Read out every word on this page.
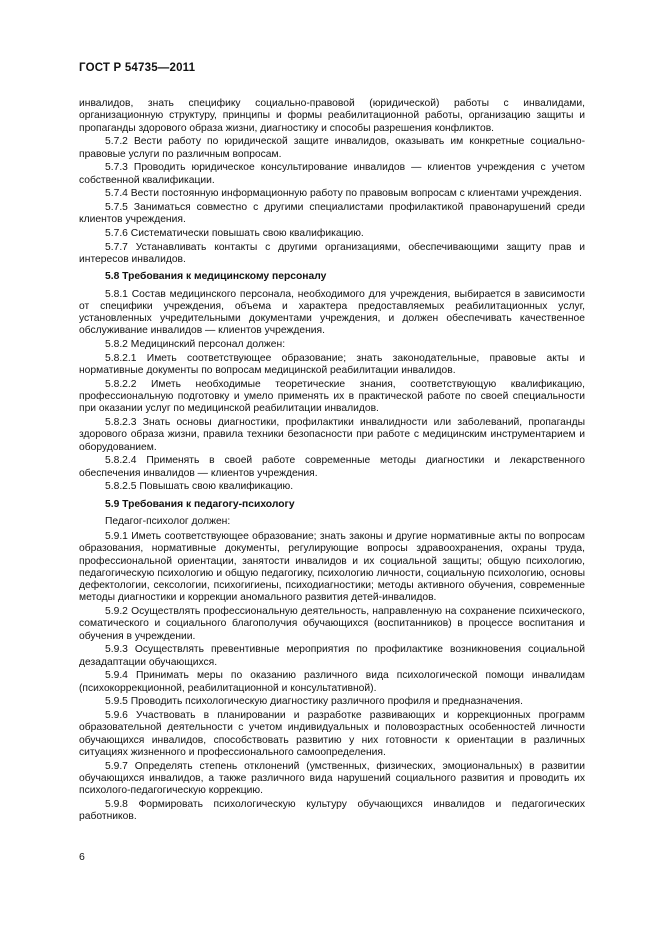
ГОСТ Р 54735—2011

инвалидов, знать специфику социально-правовой (юридической) работы с инвалидами, организационную структуру, принципы и формы реабилитационной работы, организацию защиты и пропаганды здорового образа жизни, диагностику и способы разрешения конфликтов.

5.7.2 Вести работу по юридической защите инвалидов, оказывать им конкретные социально-правовые услуги по различным вопросам.

5.7.3 Проводить юридическое консультирование инвалидов — клиентов учреждения с учетом собственной квалификации.

5.7.4 Вести постоянную информационную работу по правовым вопросам с клиентами учреждения.

5.7.5 Заниматься совместно с другими специалистами профилактикой правонарушений среди клиентов учреждения.

5.7.6 Систематически повышать свою квалификацию.

5.7.7 Устанавливать контакты с другими организациями, обеспечивающими защиту прав и интересов инвалидов.

5.8 Требования к медицинскому персоналу

5.8.1 Состав медицинского персонала, необходимого для учреждения, выбирается в зависимости от специфики учреждения, объема и характера предоставляемых реабилитационных услуг, установленных учредительными документами учреждения, и должен обеспечивать качественное обслуживание инвалидов — клиентов учреждения.

5.8.2 Медицинский персонал должен:

5.8.2.1 Иметь соответствующее образование; знать законодательные, правовые акты и нормативные документы по вопросам медицинской реабилитации инвалидов.

5.8.2.2 Иметь необходимые теоретические знания, соответствующую квалификацию, профессиональную подготовку и умело применять их в практической работе по своей специальности при оказании услуг по медицинской реабилитации инвалидов.

5.8.2.3 Знать основы диагностики, профилактики инвалидности или заболеваний, пропаганды здорового образа жизни, правила техники безопасности при работе с медицинским инструментарием и оборудованием.

5.8.2.4 Применять в своей работе современные методы диагностики и лекарственного обеспечения инвалидов — клиентов учреждения.

5.8.2.5 Повышать свою квалификацию.

5.9 Требования к педагогу-психологу

Педагог-психолог должен:

5.9.1 Иметь соответствующее образование; знать законы и другие нормативные акты по вопросам образования, нормативные документы, регулирующие вопросы здравоохранения, охраны труда, профессиональной ориентации, занятости инвалидов и их социальной защиты; общую психологию, педагогическую психологию и общую педагогику, психологию личности, социальную психологию, основы дефектологии, сексологии, психогигиены, психодиагностики; методы активного обучения, современные методы диагностики и коррекции аномального развития детей-инвалидов.

5.9.2 Осуществлять профессиональную деятельность, направленную на сохранение психического, соматического и социального благополучия обучающихся (воспитанников) в процессе воспитания и обучения в учреждении.

5.9.3 Осуществлять превентивные мероприятия по профилактике возникновения социальной дезадаптации обучающихся.

5.9.4 Принимать меры по оказанию различного вида психологической помощи инвалидам (психокоррекционной, реабилитационной и консультативной).

5.9.5 Проводить психологическую диагностику различного профиля и предназначения.

5.9.6 Участвовать в планировании и разработке развивающих и коррекционных программ образовательной деятельности с учетом индивидуальных и половозрастных особенностей личности обучающихся инвалидов, способствовать развитию у них готовности к ориентации в различных ситуациях жизненного и профессионального самоопределения.

5.9.7 Определять степень отклонений (умственных, физических, эмоциональных) в развитии обучающихся инвалидов, а также различного вида нарушений социального развития и проводить их психолого-педагогическую коррекцию.

5.9.8 Формировать психологическую культуру обучающихся инвалидов и педагогических работников.

6
